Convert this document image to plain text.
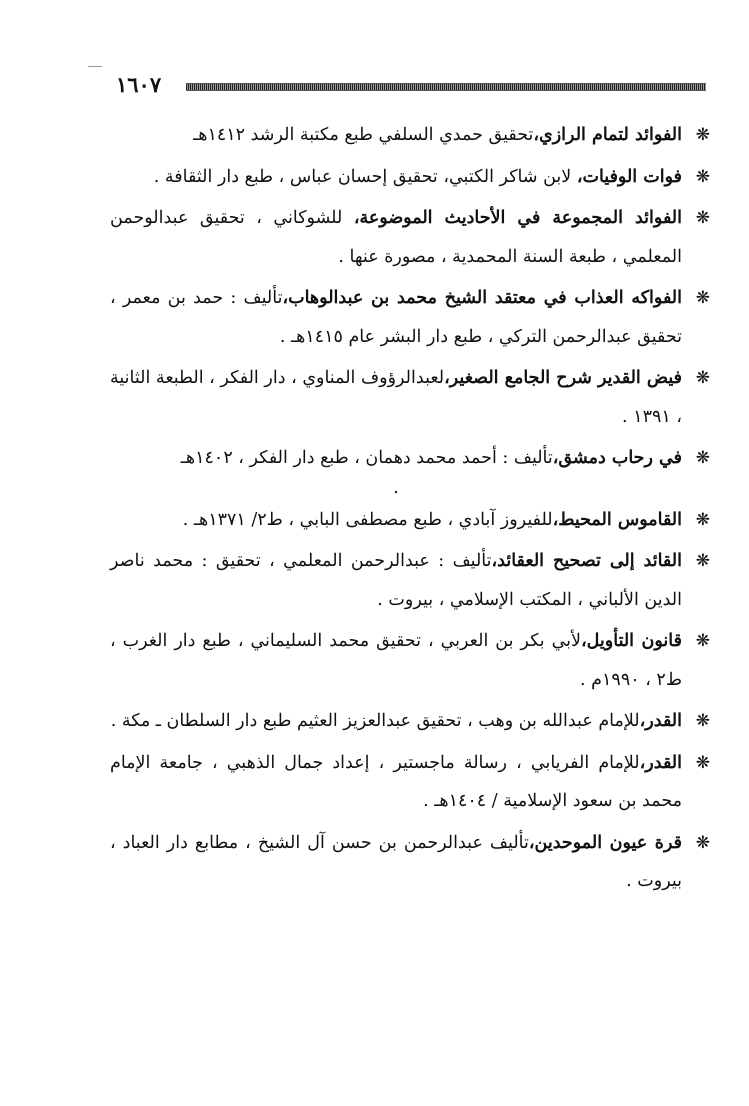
١٦٠٧
❋
الفوائد لتمام الرازي،تحقيق حمدي السلفي طبع مكتبة الرشد ١٤١٢هـ
❋
فوات الوفيات، لابن شاكر الكتبي، تحقيق إحسان عباس ، طبع دار الثقافة .
❋
الفوائد المجموعة في الأحاديث الموضوعة، للشوكاني ، تحقيق عبدالوحمن المعلمي ، طبعة السنة المحمدية ، مصورة عنها .
❋
الفواكه العذاب في معتقد الشيخ محمد بن عبدالوهاب،تأليف : حمد بن معمر ، تحقيق عبدالرحمن التركي ، طبع دار البشر عام ١٤١٥هـ .
❋
فيض القدير شرح الجامع الصغير،لعبدالرؤوف المناوي ، دار الفكر ، الطبعة الثانية ، ١٣٩١ .
❋
في رحاب دمشق،تأليف : أحمد محمد دهمان ، طبع دار الفكر ، ١٤٠٢هـ
.
❋
القاموس المحيط،للفيروز آبادي ، طبع مصطفى البابي ، ط٢/ ١٣٧١هـ .
❋
القائد إلى تصحيح العقائد،تأليف : عبدالرحمن المعلمي ، تحقيق : محمد ناصر الدين الألباني ، المكتب الإسلامي ، بيروت .
❋
قانون التأويل،لأبي بكر بن العربي ، تحقيق محمد السليماني ، طبع دار الغرب ، ط٢ ، ١٩٩٠م .
❋
القدر،للإمام عبدالله بن وهب ، تحقيق عبدالعزيز العثيم طبع دار السلطان ـ مكة .
❋
القدر،للإمام الفريابي ، رسالة ماجستير ، إعداد جمال الذهبي ، جامعة الإمام محمد بن سعود الإسلامية / ١٤٠٤هـ .
❋
قرة عيون الموحدين،تأليف عبدالرحمن بن حسن آل الشيخ ، مطابع دار العباد ، بيروت .
